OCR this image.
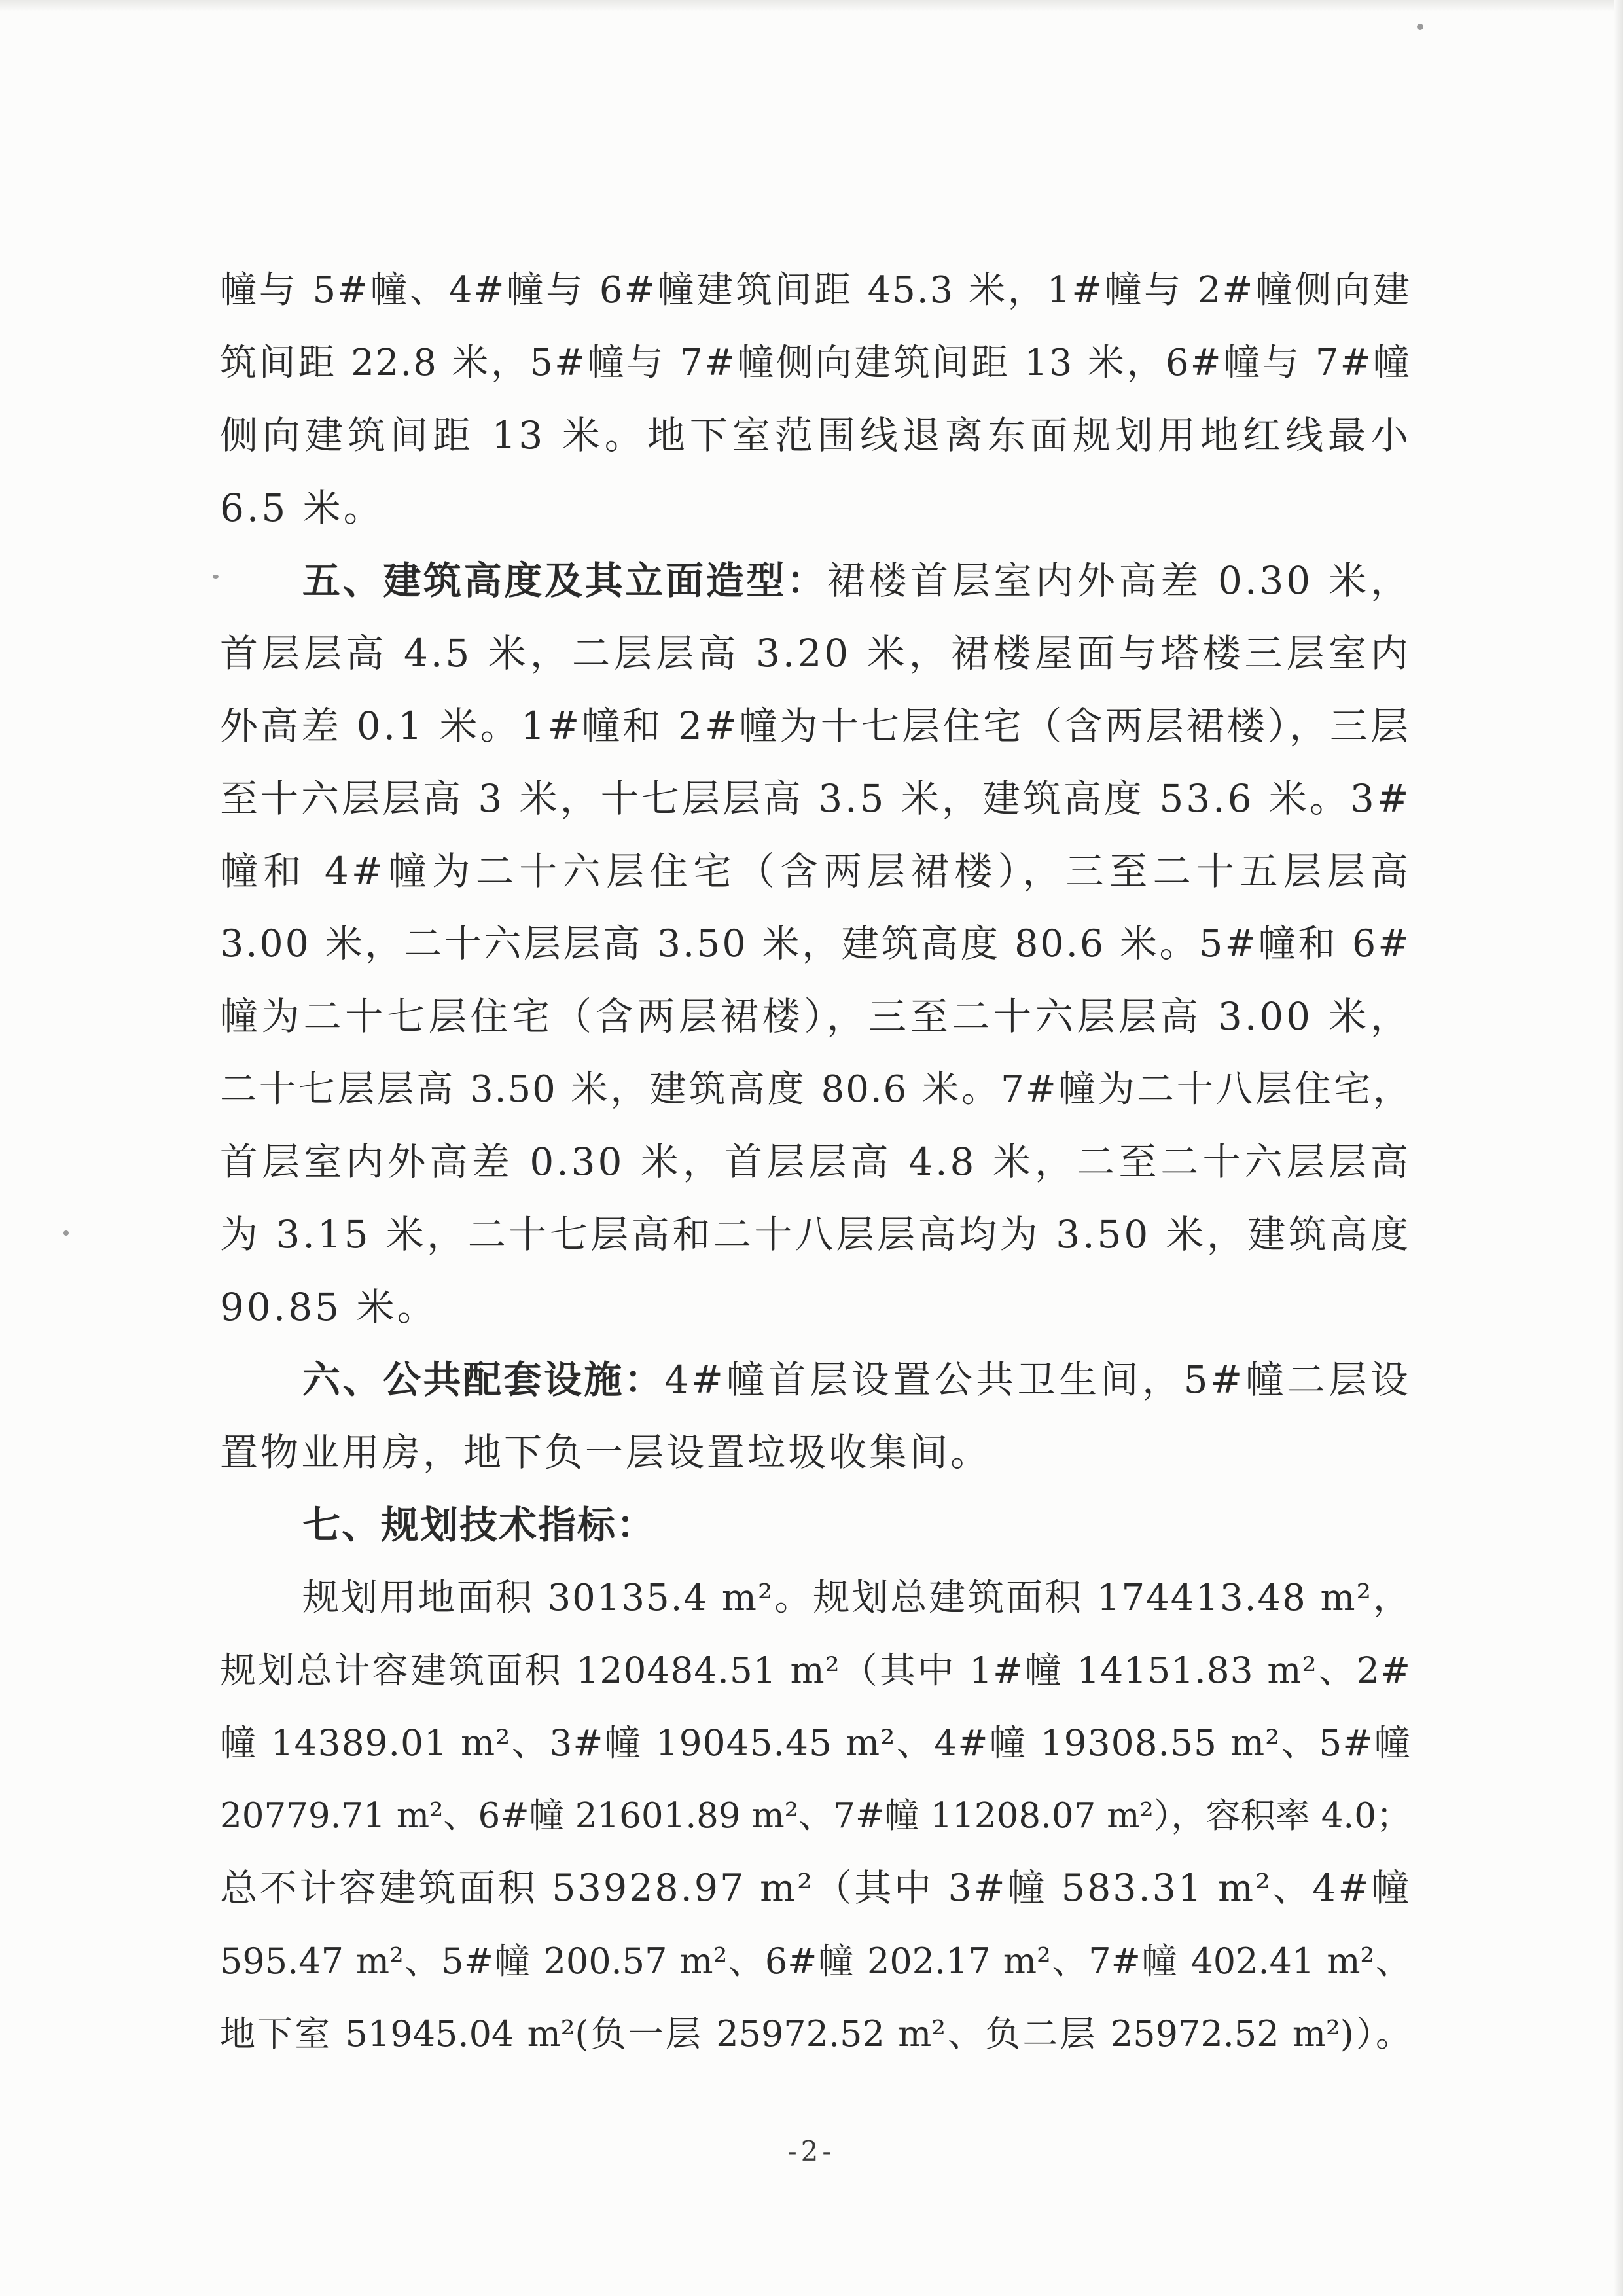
幢与 5#幢、4#幢与 6#幢建筑间距 45.3 米，1#幢与 2#幢侧向建
筑间距 22.8 米，5#幢与 7#幢侧向建筑间距 13 米，6#幢与 7#幢
侧向建筑间距 13 米。地下室范围线退离东面规划用地红线最小
6.5 米。
五、建筑高度及其立面造型：裙楼首层室内外高差 0.30 米，
首层层高 4.5 米，二层层高 3.20 米，裙楼屋面与塔楼三层室内
外高差 0.1 米。1#幢和 2#幢为十七层住宅（含两层裙楼），三层
至十六层层高 3 米，十七层层高 3.5 米，建筑高度 53.6 米。3#
幢和 4#幢为二十六层住宅（含两层裙楼），三至二十五层层高
3.00 米，二十六层层高 3.50 米，建筑高度 80.6 米。5#幢和 6#
幢为二十七层住宅（含两层裙楼），三至二十六层层高 3.00 米，
二十七层层高 3.50 米，建筑高度 80.6 米。7#幢为二十八层住宅，
首层室内外高差 0.30 米，首层层高 4.8 米，二至二十六层层高
为 3.15 米，二十七层高和二十八层层高均为 3.50 米，建筑高度
90.85 米。
六、公共配套设施：4#幢首层设置公共卫生间，5#幢二层设
置物业用房，地下负一层设置垃圾收集间。
七、规划技术指标：
规划用地面积 30135.4 m²。规划总建筑面积 174413.48 m²，
规划总计容建筑面积 120484.51 m²（其中 1#幢 14151.83 m²、2#
幢 14389.01 m²、3#幢 19045.45 m²、4#幢 19308.55 m²、5#幢
20779.71 m²、6#幢 21601.89 m²、7#幢 11208.07 m²），容积率 4.0；
总不计容建筑面积 53928.97 m²（其中 3#幢 583.31 m²、4#幢
595.47 m²、5#幢 200.57 m²、6#幢 202.17 m²、7#幢 402.41 m²、
地下室 51945.04 m²(负一层 25972.52 m²、负二层 25972.52 m²)）。
-2-
